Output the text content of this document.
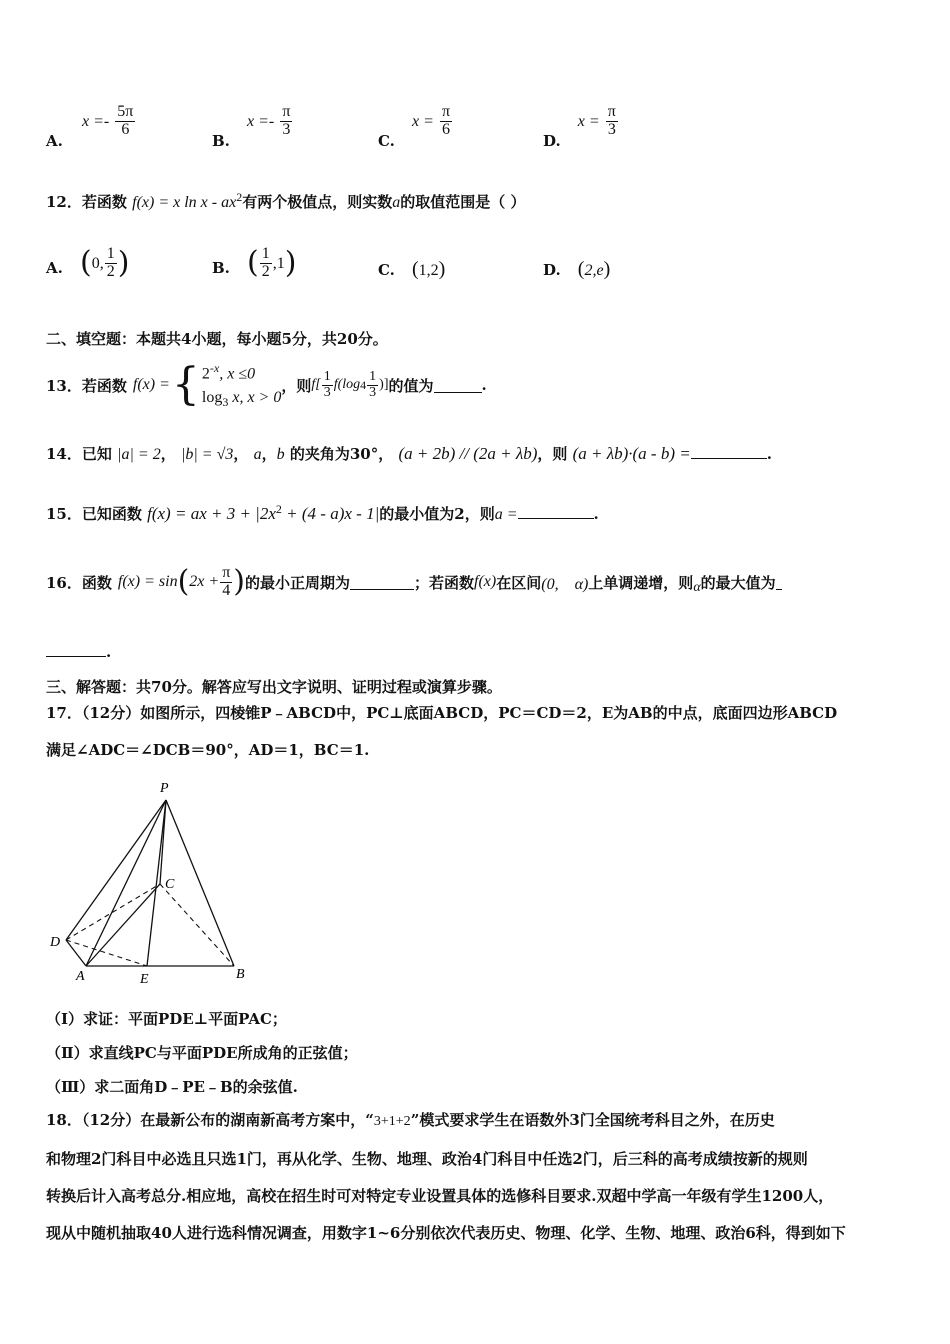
A. $x =- \frac{5\pi}{6}$
B. $x =- \frac{\pi}{3}$
C. $x = \frac{\pi}{6}$
D. $x = \frac{\pi}{3}$
12．若函数 f(x) = x ln x - $ax^2$有两个极值点，则实数a的取值范围是（ ）
A. (0, $\frac{1}{2}$ )	B. ( $\frac{1}{2} ,1$)	C. (1,2)	D. (2,e)
二、填空题：本题共4小题，每小题5分，共20分。
13． 若函数 f(x) = { $2^{-x}$, x ≤0
$\log_3 x$, x > 0
，则 $f[ \frac{1}{3} f(\log$ $4 \frac{1}{3}$ )] 的值为	.
14．已知 |a| = 2， |b| = √3， a，b 的夹角为30°， (a + 2b) // (2a + λb)，则 (a + λb)·(a - b) =	.
15．已知函数 f(x) = ax + $3 + |2x^2 + (4 - a)x - 1|$的最小值为2，则a =	.
16． 函数 f(x) = sin ( $2x + \frac{\pi}{4}$ ) 的最小正周期为	；若函数 f(x) 在区间 (0,　α) 上单调递增，则 α 的最大值为
.
三、解答题：共70分。解答应写出文字说明、证明过程或演算步骤。
17．（12分）如图所示，四棱锥P﹣ABCD中，PC⊥底面ABCD，PC＝CD＝2，E为AB的中点，底面四边形ABCD
满足∠ADC＝∠DCB＝90°，AD＝1，BC＝1.
P
C
D
A	E	B
（Ⅰ）求证：平面PDE⊥平面PAC；
（Ⅱ）求直线PC与平面PDE所成角的正弦值；
（Ⅲ）求二面角D﹣PE﹣B的余弦值.
18．（12分）在最新公布的湖南新高考方案中，“3+1+2”模式要求学生在语数外3门全国统考科目之外，在历史
和物理2门科目中必选且只选1门，再从化学、生物、地理、政治4门科目中任选2门，后三科的高考成绩按新的规则
转换后计入高考总分.相应地，高校在招生时可对特定专业设置具体的选修科目要求.双超中学高一年级有学生1200人，
现从中随机抽取40人进行选科情况调查，用数字1~6分别依次代表历史、物理、化学、生物、地理、政治6科，得到如下
